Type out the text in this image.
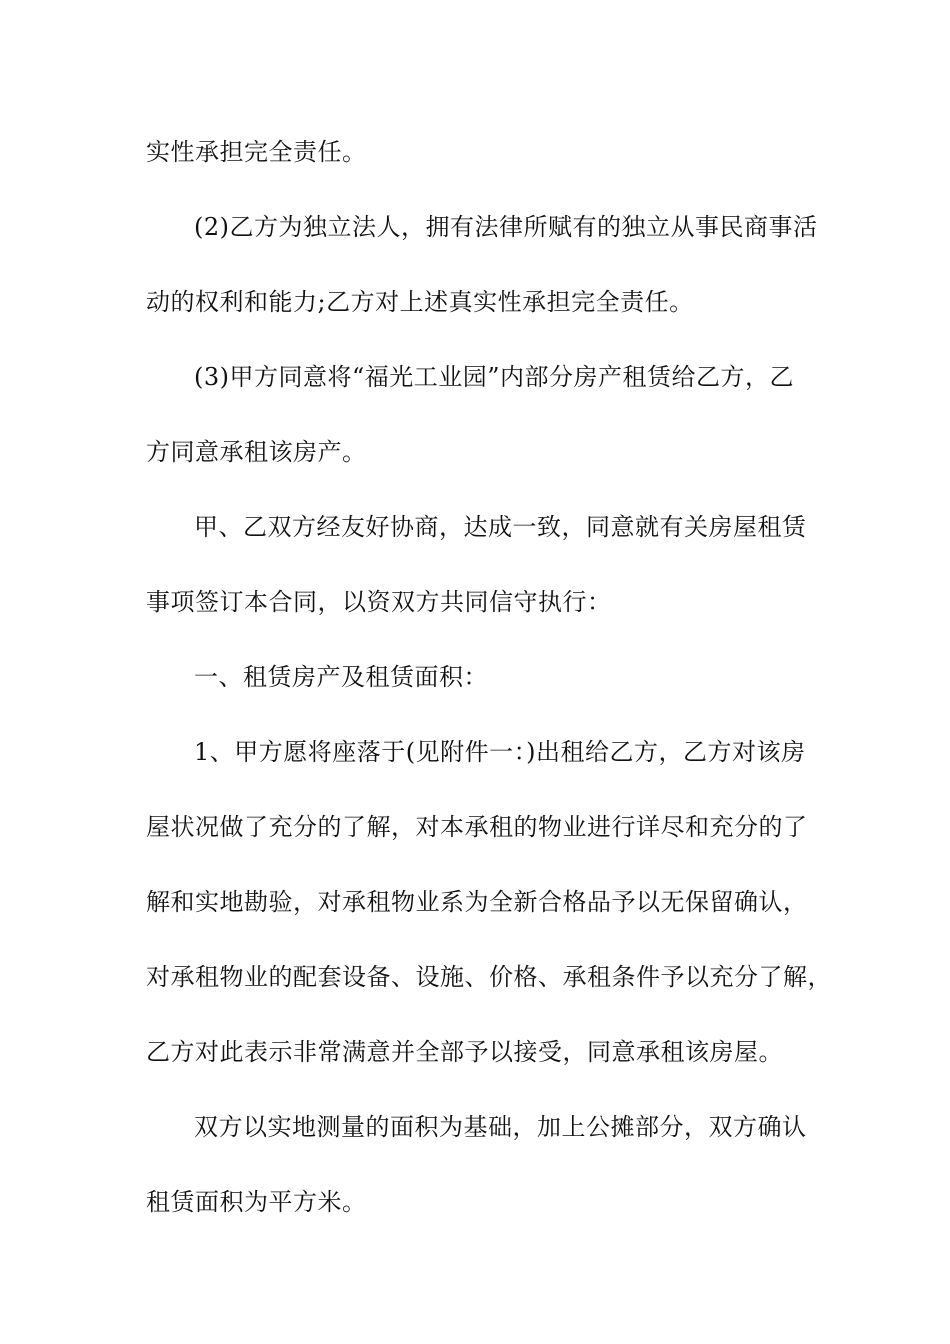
实性承担完全责任。
(2)乙方为独立法人，拥有法律所赋有的独立从事民商事活
动的权利和能力;乙方对上述真实性承担完全责任。
(3)甲方同意将“福光工业园”内部分房产租赁给乙方，乙
方同意承租该房产。
甲、乙双方经友好协商，达成一致，同意就有关房屋租赁
事项签订本合同，以资双方共同信守执行：
一、租赁房产及租赁面积：
1、甲方愿将座落于(见附件一：)出租给乙方，乙方对该房
屋状况做了充分的了解，对本承租的物业进行详尽和充分的了
解和实地勘验，对承租物业系为全新合格品予以无保留确认，
对承租物业的配套设备、设施、价格、承租条件予以充分了解，
乙方对此表示非常满意并全部予以接受，同意承租该房屋。
双方以实地测量的面积为基础，加上公摊部分，双方确认
租赁面积为平方米。
